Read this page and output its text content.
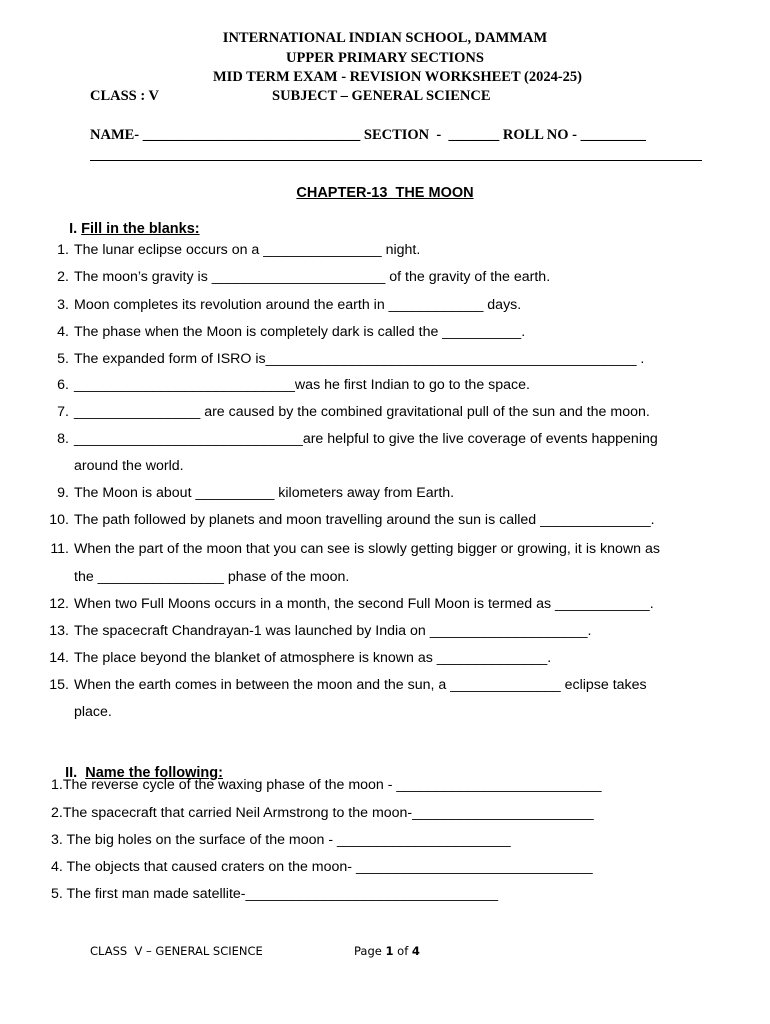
INTERNATIONAL INDIAN SCHOOL, DAMMAM
UPPER PRIMARY SECTIONS
MID TERM EXAM - REVISION WORKSHEET (2024-25)
CLASS : V	SUBJECT – GENERAL SCIENCE
NAME- ______________________________ SECTION  -  _______ ROLL NO - _________
CHAPTER-13  THE MOON

I. Fill in the blanks:

1. The lunar eclipse occurs on a _______________ night.
2. The moon’s gravity is ______________________ of the gravity of the earth.
3. Moon completes its revolution around the earth in ____________ days.
4. The phase when the Moon is completely dark is called the __________.
5. The expanded form of ISRO is_______________________________________________ .
6. ____________________________was he first Indian to go to the space.
7. ________________ are caused by the combined gravitational pull of the sun and the moon.
8. _____________________________are helpful to give the live coverage of events happening
around the world.
9. The Moon is about __________ kilometers away from Earth.
10. The path followed by planets and moon travelling around the sun is called ______________.
11. When the part of the moon that you can see is slowly getting bigger or growing, it is known as
the ________________ phase of the moon.
12. When two Full Moons occurs in a month, the second Full Moon is termed as ____________.
13. The spacecraft Chandrayan-1 was launched by India on ____________________.
14. The place beyond the blanket of atmosphere is known as ______________.
15. When the earth comes in between the moon and the sun, a ______________ eclipse takes
place.

II. Name the following:

1.The reverse cycle of the waxing phase of the moon - __________________________
2.The spacecraft that carried Neil Armstrong to the moon-_______________________
3. The big holes on the surface of the moon - ______________________
4. The objects that caused craters on the moon- ______________________________
5. The first man made satellite-________________________________
CLASS  V – GENERAL SCIENCE	Page 1 of 4
